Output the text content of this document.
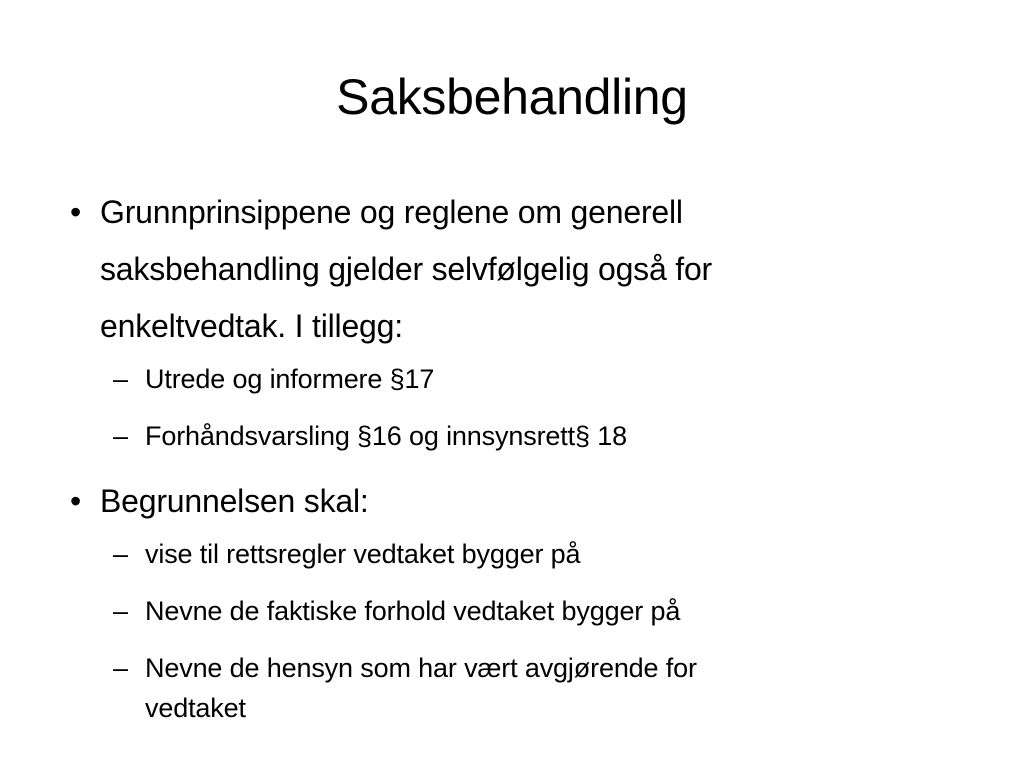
Saksbehandling
• Grunnprinsippene og reglene om generell
saksbehandling gjelder selvfølgelig også for
enkeltvedtak. I tillegg:
– Utrede og informere §17
– Forhåndsvarsling §16 og innsynsrett§ 18
• Begrunnelsen skal:
– vise til rettsregler vedtaket bygger på
– Nevne de faktiske forhold vedtaket bygger på
– Nevne de hensyn som har vært avgjørende for
vedtaket
